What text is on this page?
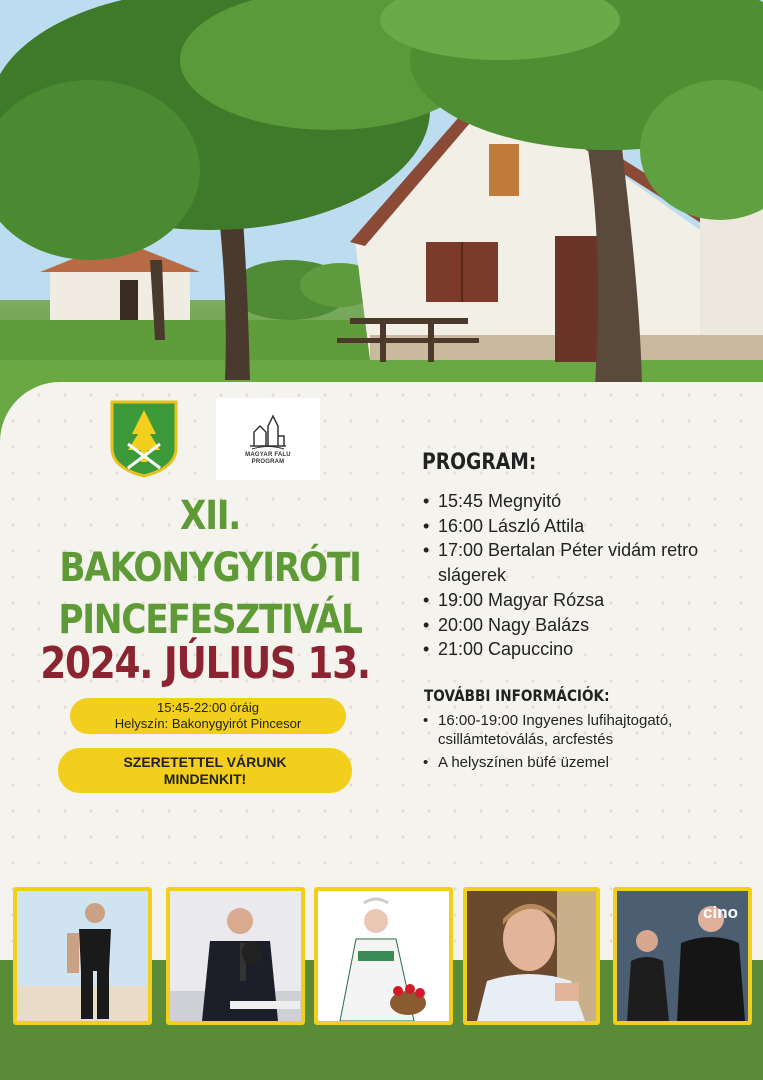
MAGYAR FALU
PROGRAM
XII. BAKONYGYIRÓTI
PINCEFESZTIVÁL
2024. JÚLIUS 13.
15:45-22:00 óráig
Helyszín: Bakonygyirót Pincesor
SZERETETTEL VÁRUNK
MINDENKIT!
PROGRAM:
• 15:45 Megnyitó
• 16:00 László Attila
• 17:00 Bertalan Péter vidám retro slágerek
• 19:00 Magyar Rózsa
• 20:00 Nagy Balázs
• 21:00 Capuccino
TOVÁBBI INFORMÁCIÓK:
• 16:00-19:00 Ingyenes lufihajtogató, csillámtetoválás, arcfestés
• A helyszínen büfé üzemel
cino
